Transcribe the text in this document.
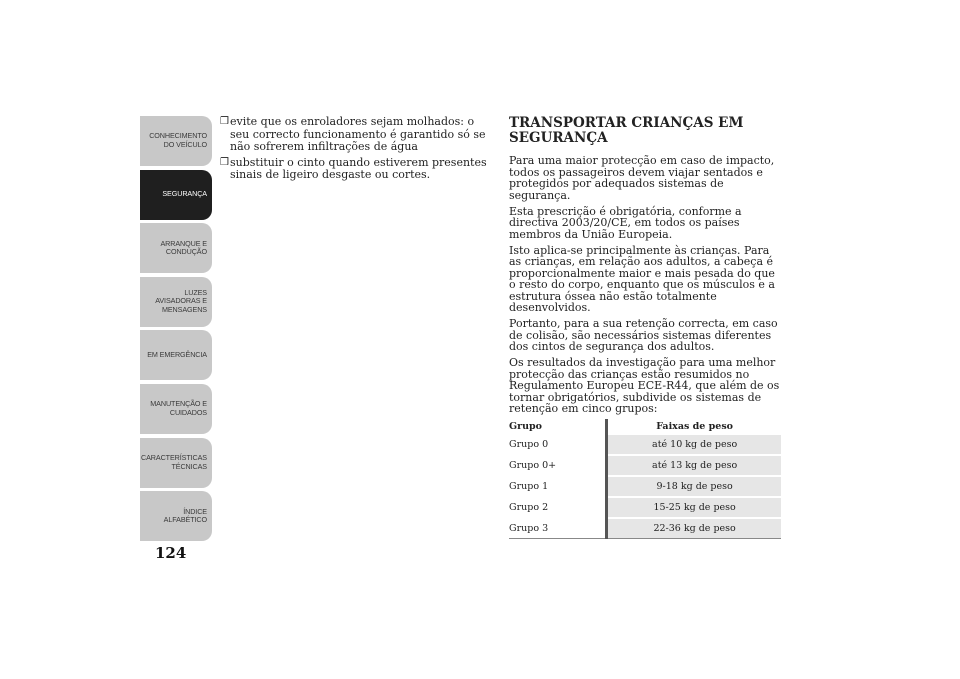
CONHECIMENTO
DO VEÍCULO
SEGURANÇA
ARRANQUE E
CONDUÇÃO
LUZES
AVISADORAS E
MENSAGENS
EM EMERGÊNCIA
MANUTENÇÃO E
CUIDADOS
CARACTERÍSTICAS
TÉCNICAS
ÍNDICE
ALFABÉTICO
124
❒ evite que os enroladores sejam molhados: o seu correcto funcionamento é garantido só se não sofrerem infiltrações de água
❒ substituir o cinto quando estiverem presentes sinais de ligeiro desgaste ou cortes.
TRANSPORTAR CRIANÇAS EM SEGURANÇA

Para uma maior protecção em caso de impacto, todos os passageiros devem viajar sentados e protegidos por adequados sistemas de segurança.

Esta prescrição é obrigatória, conforme a directiva 2003/20/CE, em todos os países membros da União Europeia.

Isto aplica-se principalmente às crianças. Para as crianças, em relação aos adultos, a cabeça é proporcionalmente maior e mais pesada do que o resto do corpo, enquanto que os músculos e a estrutura óssea não estão totalmente desenvolvidos.

Portanto, para a sua retenção correcta, em caso de colisão, são necessários sistemas diferentes dos cintos de segurança dos adultos.

Os resultados da investigação para uma melhor protecção das crianças estão resumidos no Regulamento Europeu ECE-R44, que além de os tornar obrigatórios, subdivide os sistemas de retenção em cinco grupos:

Grupo	Faixas de peso
Grupo 0	até 10 kg de peso
Grupo 0+	até 13 kg de peso
Grupo 1	9-18 kg de peso
Grupo 2	15-25 kg de peso
Grupo 3	22-36 kg de peso
